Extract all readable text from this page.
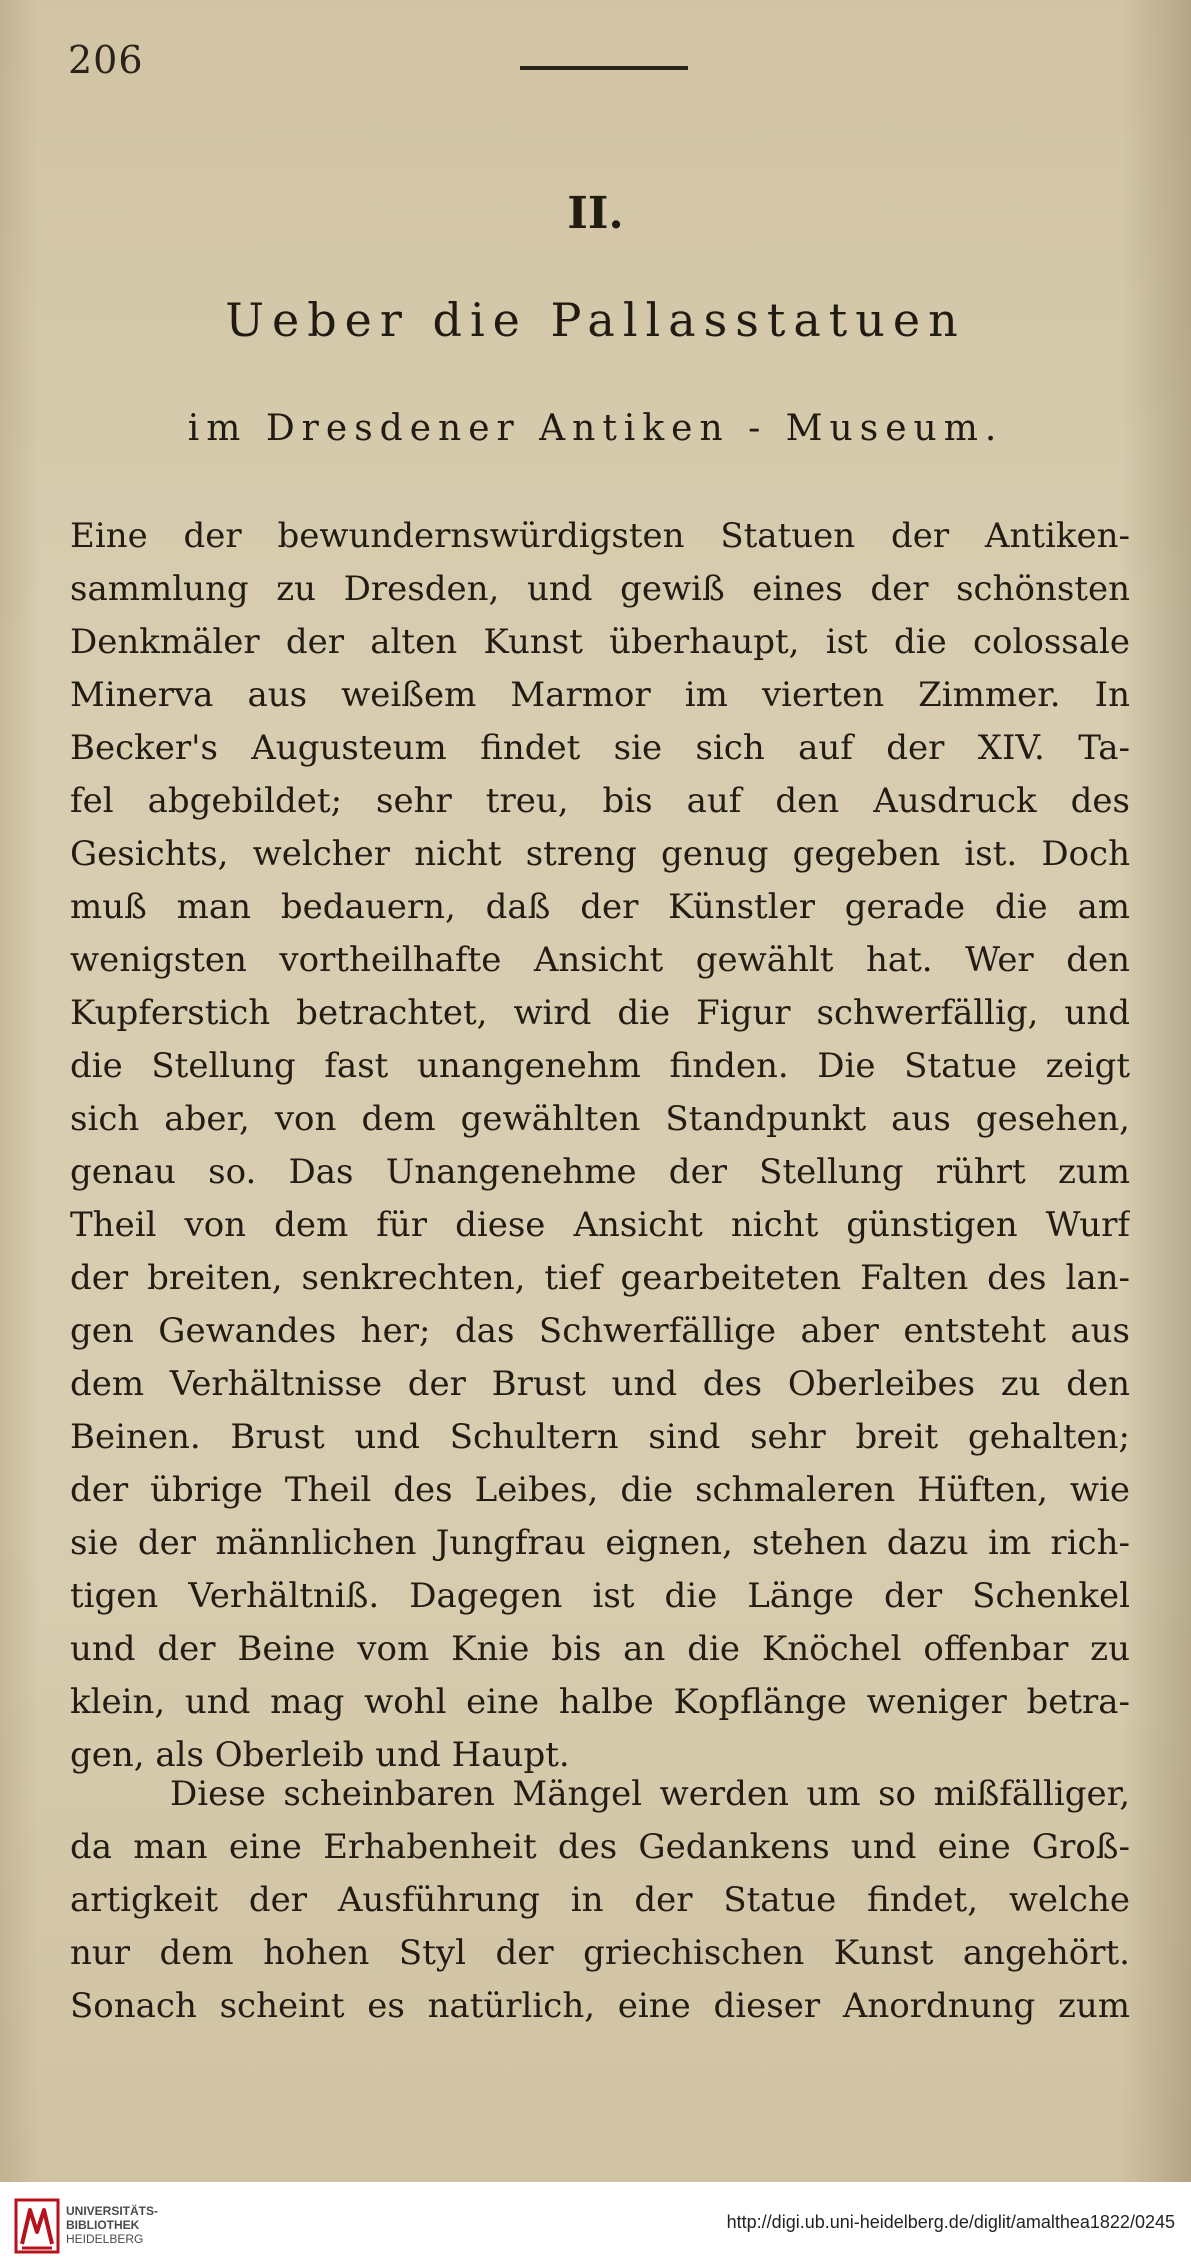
206
II.
Ueber die Pallasstatuen
im Dresdener Antiken - Museum.
Eine der bewundernswürdigsten Statuen der Antiken-
sammlung zu Dresden, und gewiß eines der schönsten
Denkmäler der alten Kunst überhaupt, ist die colossale
Minerva aus weißem Marmor im vierten Zimmer. In
Becker's Augusteum findet sie sich auf der XIV. Ta-
fel abgebildet; sehr treu, bis auf den Ausdruck des
Gesichts, welcher nicht streng genug gegeben ist. Doch
muß man bedauern, daß der Künstler gerade die am
wenigsten vortheilhafte Ansicht gewählt hat. Wer den
Kupferstich betrachtet, wird die Figur schwerfällig, und
die Stellung fast unangenehm finden. Die Statue zeigt
sich aber, von dem gewählten Standpunkt aus gesehen,
genau so. Das Unangenehme der Stellung rührt zum
Theil von dem für diese Ansicht nicht günstigen Wurf
der breiten, senkrechten, tief gearbeiteten Falten des lan-
gen Gewandes her; das Schwerfällige aber entsteht aus
dem Verhältnisse der Brust und des Oberleibes zu den
Beinen. Brust und Schultern sind sehr breit gehalten;
der übrige Theil des Leibes, die schmaleren Hüften, wie
sie der männlichen Jungfrau eignen, stehen dazu im rich-
tigen Verhältniß. Dagegen ist die Länge der Schenkel
und der Beine vom Knie bis an die Knöchel offenbar zu
klein, und mag wohl eine halbe Kopflänge weniger betra-
gen, als Oberleib und Haupt.
Diese scheinbaren Mängel werden um so mißfälliger,
da man eine Erhabenheit des Gedankens und eine Groß-
artigkeit der Ausführung in der Statue findet, welche
nur dem hohen Styl der griechischen Kunst angehört.
Sonach scheint es natürlich, eine dieser Anordnung zum
UNIVERSITÄTS-
BIBLIOTHEK
HEIDELBERG
http://digi.ub.uni-heidelberg.de/diglit/amalthea1822/0245
